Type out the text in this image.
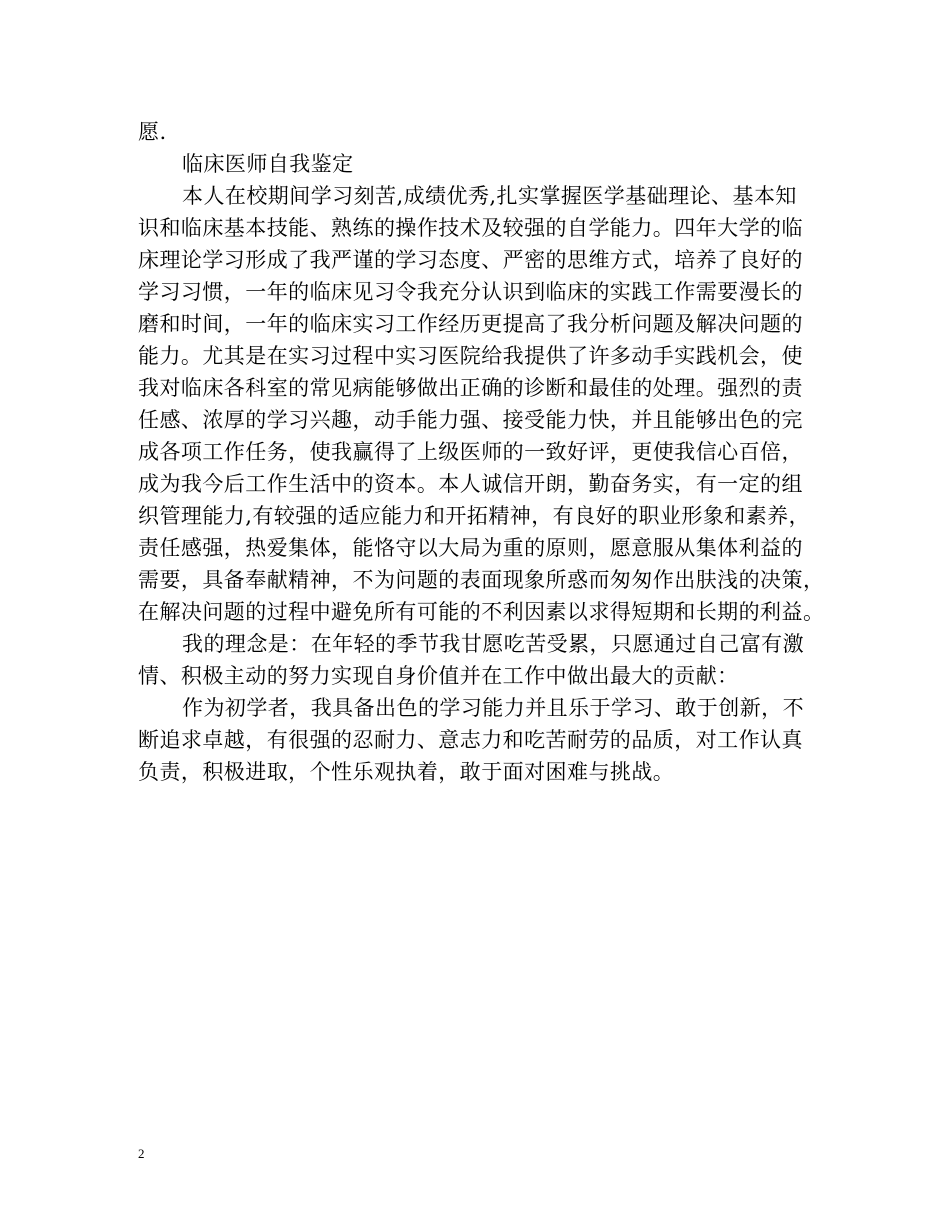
愿.
临床医师自我鉴定
本人在校期间学习刻苦,成绩优秀,扎实掌握医学基础理论、基本知
识和临床基本技能、熟练的操作技术及较强的自学能力。四年大学的临
床理论学习形成了我严谨的学习态度、严密的思维方式，培养了良好的
学习习惯，一年的临床见习令我充分认识到临床的实践工作需要漫长的
磨和时间，一年的临床实习工作经历更提高了我分析问题及解决问题的
能力。尤其是在实习过程中实习医院给我提供了许多动手实践机会，使
我对临床各科室的常见病能够做出正确的诊断和最佳的处理。强烈的责
任感、浓厚的学习兴趣，动手能力强、接受能力快，并且能够出色的完
成各项工作任务，使我赢得了上级医师的一致好评，更使我信心百倍，
成为我今后工作生活中的资本。本人诚信开朗，勤奋务实，有一定的组
织管理能力,有较强的适应能力和开拓精神，有良好的职业形象和素养，
责任感强，热爱集体，能恪守以大局为重的原则，愿意服从集体利益的
需要，具备奉献精神，不为问题的表面现象所惑而匆匆作出肤浅的决策，
在解决问题的过程中避免所有可能的不利因素以求得短期和长期的利益。
我的理念是：在年轻的季节我甘愿吃苦受累，只愿通过自己富有激
情、积极主动的努力实现自身价值并在工作中做出最大的贡献：
作为初学者，我具备出色的学习能力并且乐于学习、敢于创新，不
断追求卓越，有很强的忍耐力、意志力和吃苦耐劳的品质，对工作认真
负责，积极进取，个性乐观执着，敢于面对困难与挑战。
2
